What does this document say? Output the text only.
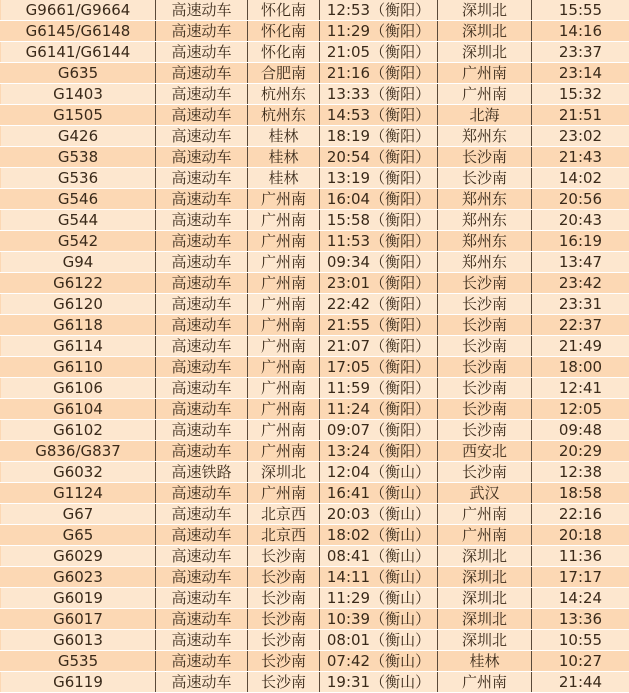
G9661/G9664	高速动车	怀化南	12:53（衡阳）	深圳北	15:55
G6145/G6148	高速动车	怀化南	11:29（衡阳）	深圳北	14:16
G6141/G6144	高速动车	怀化南	21:05（衡阳）	深圳北	23:37
G635	高速动车	合肥南	21:16（衡阳）	广州南	23:14
G1403	高速动车	杭州东	13:33（衡阳）	广州南	15:32
G1505	高速动车	杭州东	14:53（衡阳）	北海	21:51
G426	高速动车	桂林	18:19（衡阳）	郑州东	23:02
G538	高速动车	桂林	20:54（衡阳）	长沙南	21:43
G536	高速动车	桂林	13:19（衡阳）	长沙南	14:02
G546	高速动车	广州南	16:04（衡阳）	郑州东	20:56
G544	高速动车	广州南	15:58（衡阳）	郑州东	20:43
G542	高速动车	广州南	11:53（衡阳）	郑州东	16:19
G94	高速动车	广州南	09:34（衡阳）	郑州东	13:47
G6122	高速动车	广州南	23:01（衡阳）	长沙南	23:42
G6120	高速动车	广州南	22:42（衡阳）	长沙南	23:31
G6118	高速动车	广州南	21:55（衡阳）	长沙南	22:37
G6114	高速动车	广州南	21:07（衡阳）	长沙南	21:49
G6110	高速动车	广州南	17:05（衡阳）	长沙南	18:00
G6106	高速动车	广州南	11:59（衡阳）	长沙南	12:41
G6104	高速动车	广州南	11:24（衡阳）	长沙南	12:05
G6102	高速动车	广州南	09:07（衡阳）	长沙南	09:48
G836/G837	高速动车	广州南	13:24（衡阳）	西安北	20:29
G6032	高速铁路	深圳北	12:04（衡山）	长沙南	12:38
G1124	高速动车	广州南	16:41（衡山）	武汉	18:58
G67	高速动车	北京西	20:03（衡山）	广州南	22:16
G65	高速动车	北京西	18:02（衡山）	广州南	20:18
G6029	高速动车	长沙南	08:41（衡山）	深圳北	11:36
G6023	高速动车	长沙南	14:11（衡山）	深圳北	17:17
G6019	高速动车	长沙南	11:29（衡山）	深圳北	14:24
G6017	高速动车	长沙南	10:39（衡山）	深圳北	13:36
G6013	高速动车	长沙南	08:01（衡山）	深圳北	10:55
G535	高速动车	长沙南	07:42（衡山）	桂林	10:27
G6119	高速动车	长沙南	19:31（衡山）	广州南	21:44
